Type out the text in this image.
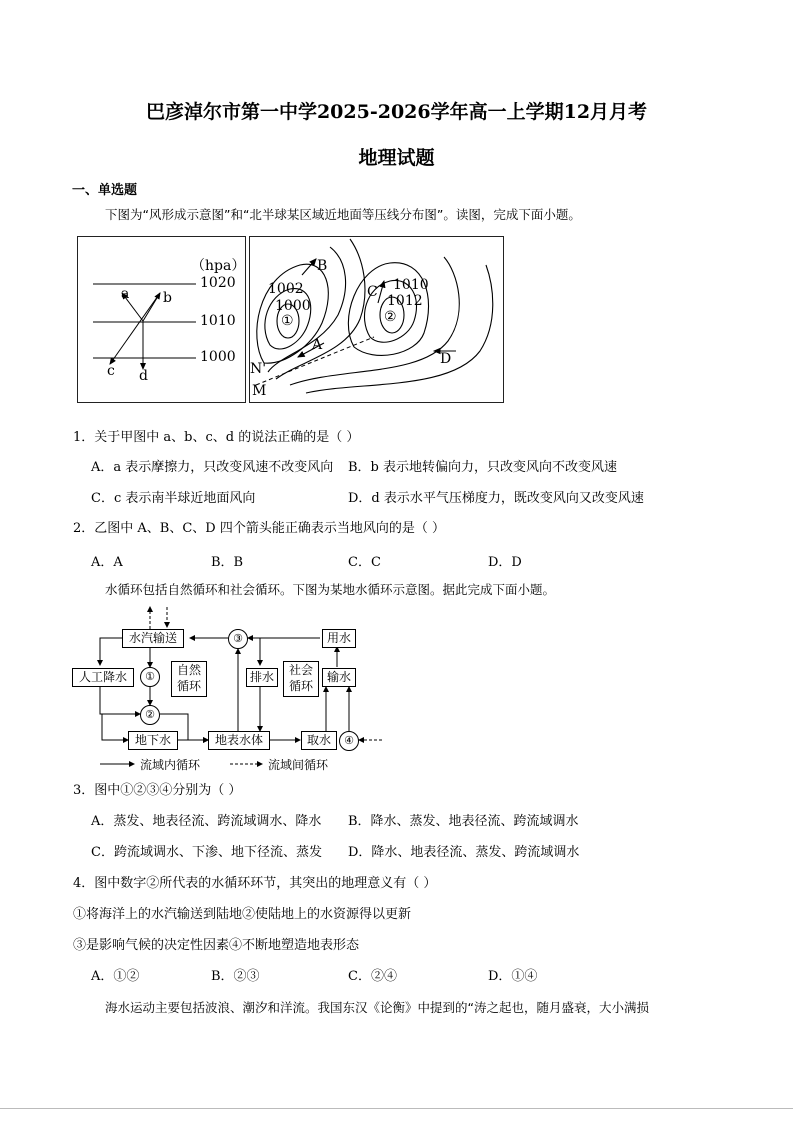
巴彦淖尔市第一中学2025-2026学年高一上学期12月月考
地理试题
一、单选题
下图为“风形成示意图”和“北半球某区域近地面等压线分布图”。读图，完成下面小题。
（hpa）
1020
1010
1000
a b
c d
B
C
A
D
N'
M
1002
1000
1010
1012
①	②
1．关于甲图中 a、b、c、d 的说法正确的是（ ）
A．a 表示摩擦力，只改变风速不改变风向 B．b 表示地转偏向力，只改变风向不改变风速
C．c 表示南半球近地面风向	D．d 表示水平气压梯度力，既改变风向又改变风速
2．乙图中 A、B、C、D 四个箭头能正确表示当地风向的是（ ）
A．A	B．B	C．C	D．D
水循环包括自然循环和社会循环。下图为某地水循环示意图。据此完成下面小题。
水汽输送
人工降水	自然循环
排水	社会循环
用水
输水
地下水	地表水体	取水
①
②
③
④
流域内循环	流域间循环
3．图中①②③④分别为（ ）
A．蒸发、地表径流、跨流域调水、降水 B．降水、蒸发、地表径流、跨流域调水
C．跨流域调水、下渗、地下径流、蒸发 D．降水、地表径流、蒸发、跨流域调水
4．图中数字②所代表的水循环环节，其突出的地理意义有（ ）
①将海洋上的水汽输送到陆地②使陆地上的水资源得以更新
③是影响气候的决定性因素④不断地塑造地表形态
A．①②	B．②③	C．②④	D．①④
海水运动主要包括波浪、潮汐和洋流。我国东汉《论衡》中提到的“涛之起也，随月盛衰，大小满损
